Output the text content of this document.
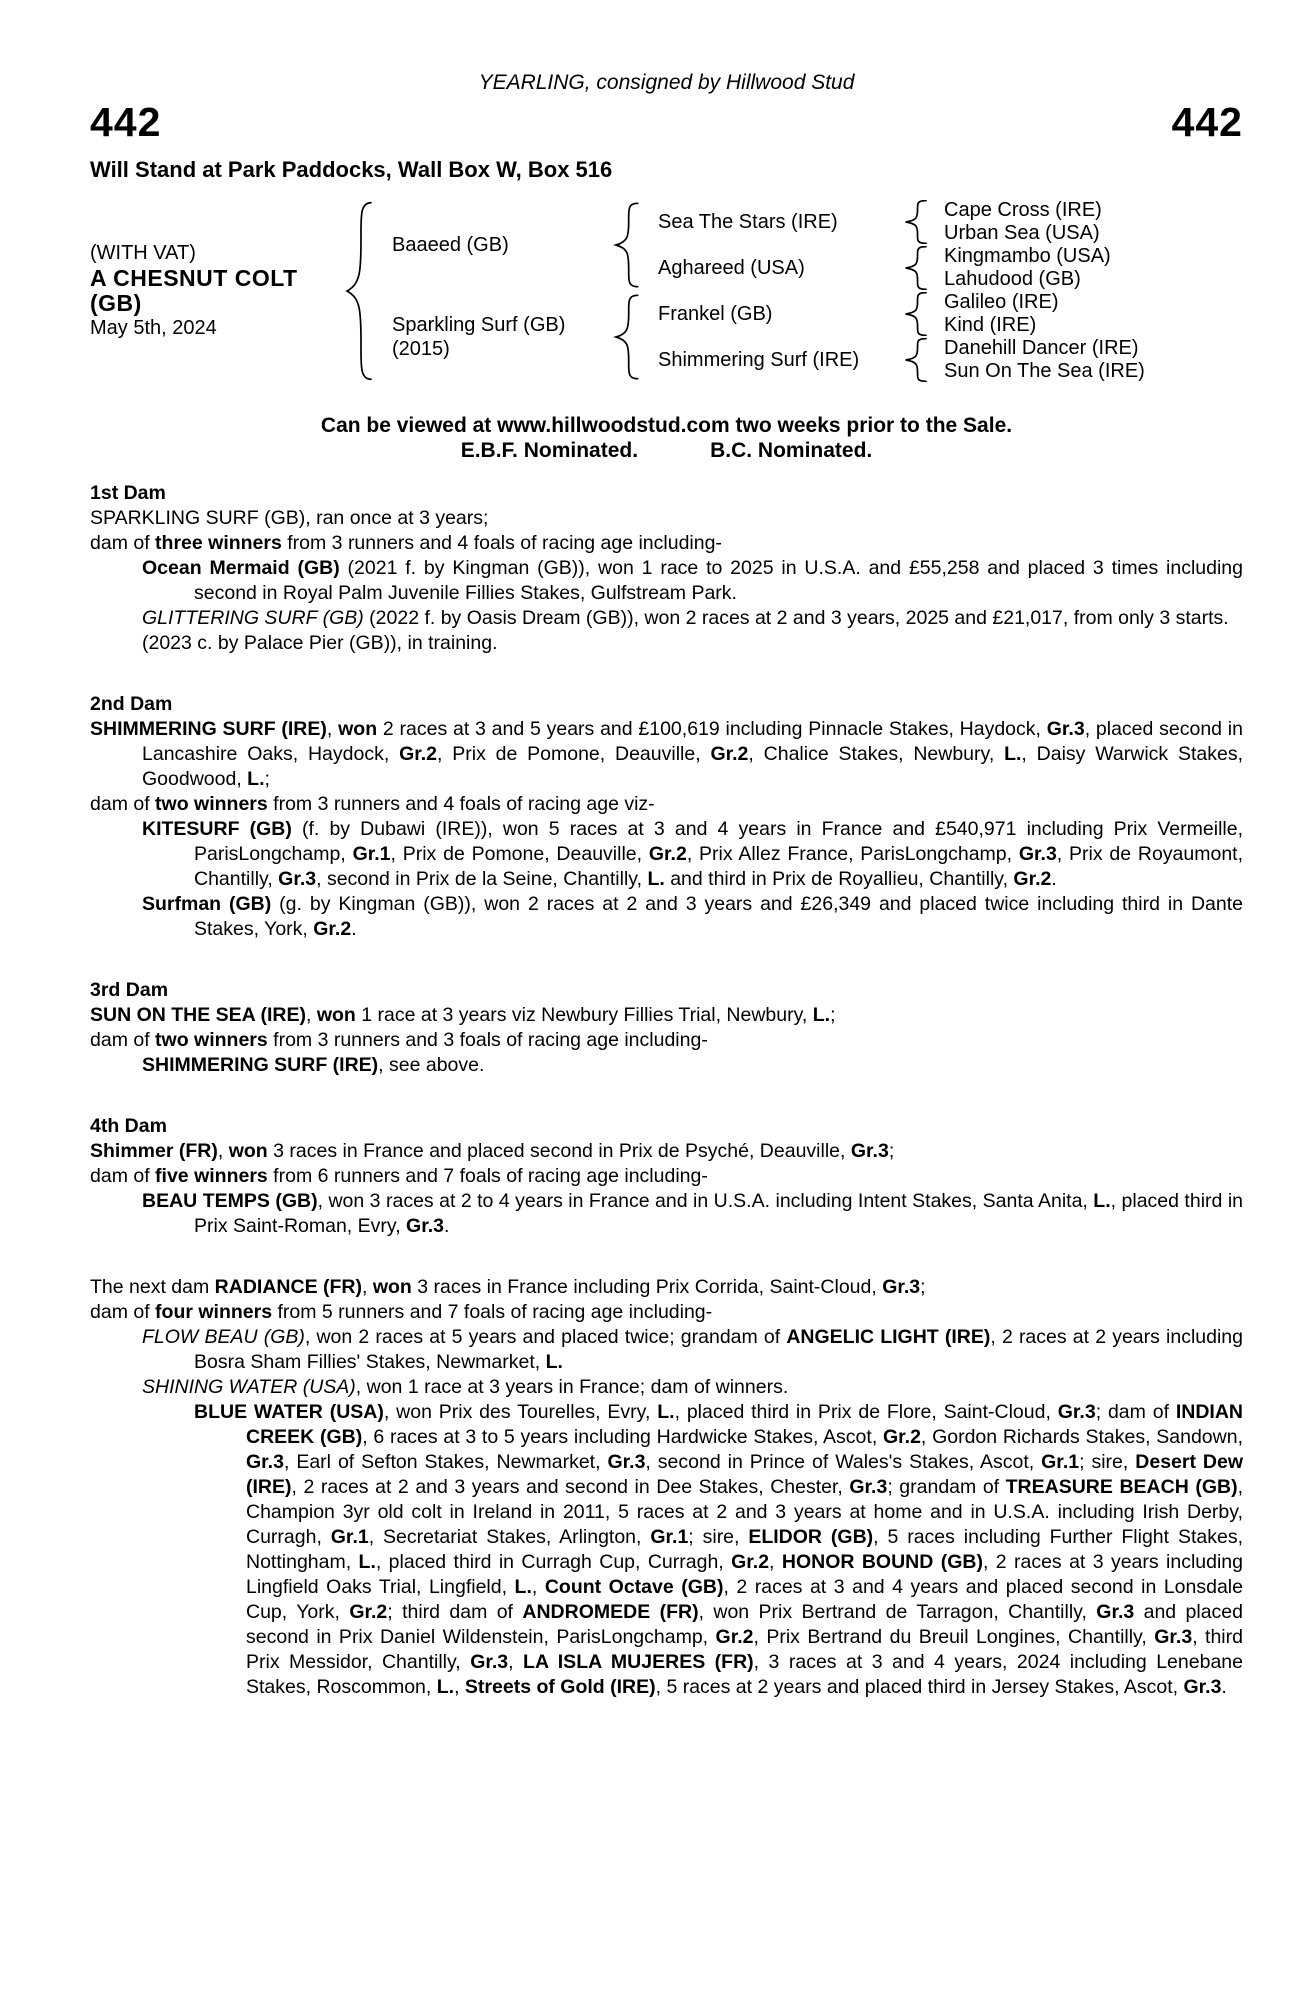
YEARLING, consigned by Hillwood Stud
442	442
Will Stand at Park Paddocks, Wall Box W, Box 516
(WITH VAT)
A CHESNUT COLT
(GB)
May 5th, 2024
Baaeed (GB)
Sparkling Surf (GB)
(2015)
Sea The Stars (IRE)
Aghareed (USA)
Frankel (GB)
Shimmering Surf (IRE)
Cape Cross (IRE)
Urban Sea (USA)
Kingmambo (USA)
Lahudood (GB)
Galileo (IRE)
Kind (IRE)
Danehill Dancer (IRE)
Sun On The Sea (IRE)
Can be viewed at www.hillwoodstud.com two weeks prior to the Sale.
E.B.F. Nominated.	B.C. Nominated.
1st Dam

SPARKLING SURF (GB), ran once at 3 years;

dam of three winners from 3 runners and 4 foals of racing age including-

Ocean Mermaid (GB) (2021 f. by Kingman (GB)), won 1 race to 2025 in U.S.A. and £55,258 and placed 3 times including second in Royal Palm Juvenile Fillies Stakes, Gulfstream Park.

GLITTERING SURF (GB) (2022 f. by Oasis Dream (GB)), won 2 races at 2 and 3 years, 2025 and £21,017, from only 3 starts.

(2023 c. by Palace Pier (GB)), in training.

2nd Dam

SHIMMERING SURF (IRE), won 2 races at 3 and 5 years and £100,619 including Pinnacle Stakes, Haydock, Gr.3, placed second in Lancashire Oaks, Haydock, Gr.2, Prix de Pomone, Deauville, Gr.2, Chalice Stakes, Newbury, L., Daisy Warwick Stakes, Goodwood, L.;

dam of two winners from 3 runners and 4 foals of racing age viz-

KITESURF (GB) (f. by Dubawi (IRE)), won 5 races at 3 and 4 years in France and £540,971 including Prix Vermeille, ParisLongchamp, Gr.1, Prix de Pomone, Deauville, Gr.2, Prix Allez France, ParisLongchamp, Gr.3, Prix de Royaumont, Chantilly, Gr.3, second in Prix de la Seine, Chantilly, L. and third in Prix de Royallieu, Chantilly, Gr.2.

Surfman (GB) (g. by Kingman (GB)), won 2 races at 2 and 3 years and £26,349 and placed twice including third in Dante Stakes, York, Gr.2.

3rd Dam

SUN ON THE SEA (IRE), won 1 race at 3 years viz Newbury Fillies Trial, Newbury, L.;

dam of two winners from 3 runners and 3 foals of racing age including-

SHIMMERING SURF (IRE), see above.

4th Dam

Shimmer (FR), won 3 races in France and placed second in Prix de Psyché, Deauville, Gr.3;

dam of five winners from 6 runners and 7 foals of racing age including-

BEAU TEMPS (GB), won 3 races at 2 to 4 years in France and in U.S.A. including Intent Stakes, Santa Anita, L., placed third in Prix Saint-Roman, Evry, Gr.3.

The next dam RADIANCE (FR), won 3 races in France including Prix Corrida, Saint-Cloud, Gr.3;

dam of four winners from 5 runners and 7 foals of racing age including-

FLOW BEAU (GB), won 2 races at 5 years and placed twice; grandam of ANGELIC LIGHT (IRE), 2 races at 2 years including Bosra Sham Fillies' Stakes, Newmarket, L.

SHINING WATER (USA), won 1 race at 3 years in France; dam of winners.

BLUE WATER (USA), won Prix des Tourelles, Evry, L., placed third in Prix de Flore, Saint-Cloud, Gr.3; dam of INDIAN CREEK (GB), 6 races at 3 to 5 years including Hardwicke Stakes, Ascot, Gr.2, Gordon Richards Stakes, Sandown, Gr.3, Earl of Sefton Stakes, Newmarket, Gr.3, second in Prince of Wales's Stakes, Ascot, Gr.1; sire, Desert Dew (IRE), 2 races at 2 and 3 years and second in Dee Stakes, Chester, Gr.3; grandam of TREASURE BEACH (GB), Champion 3yr old colt in Ireland in 2011, 5 races at 2 and 3 years at home and in U.S.A. including Irish Derby, Curragh, Gr.1, Secretariat Stakes, Arlington, Gr.1; sire, ELIDOR (GB), 5 races including Further Flight Stakes, Nottingham, L., placed third in Curragh Cup, Curragh, Gr.2, HONOR BOUND (GB), 2 races at 3 years including Lingfield Oaks Trial, Lingfield, L., Count Octave (GB), 2 races at 3 and 4 years and placed second in Lonsdale Cup, York, Gr.2; third dam of ANDROMEDE (FR), won Prix Bertrand de Tarragon, Chantilly, Gr.3 and placed second in Prix Daniel Wildenstein, ParisLongchamp, Gr.2, Prix Bertrand du Breuil Longines, Chantilly, Gr.3, third Prix Messidor, Chantilly, Gr.3, LA ISLA MUJERES (FR), 3 races at 3 and 4 years, 2024 including Lenebane Stakes, Roscommon, L., Streets of Gold (IRE), 5 races at 2 years and placed third in Jersey Stakes, Ascot, Gr.3.
